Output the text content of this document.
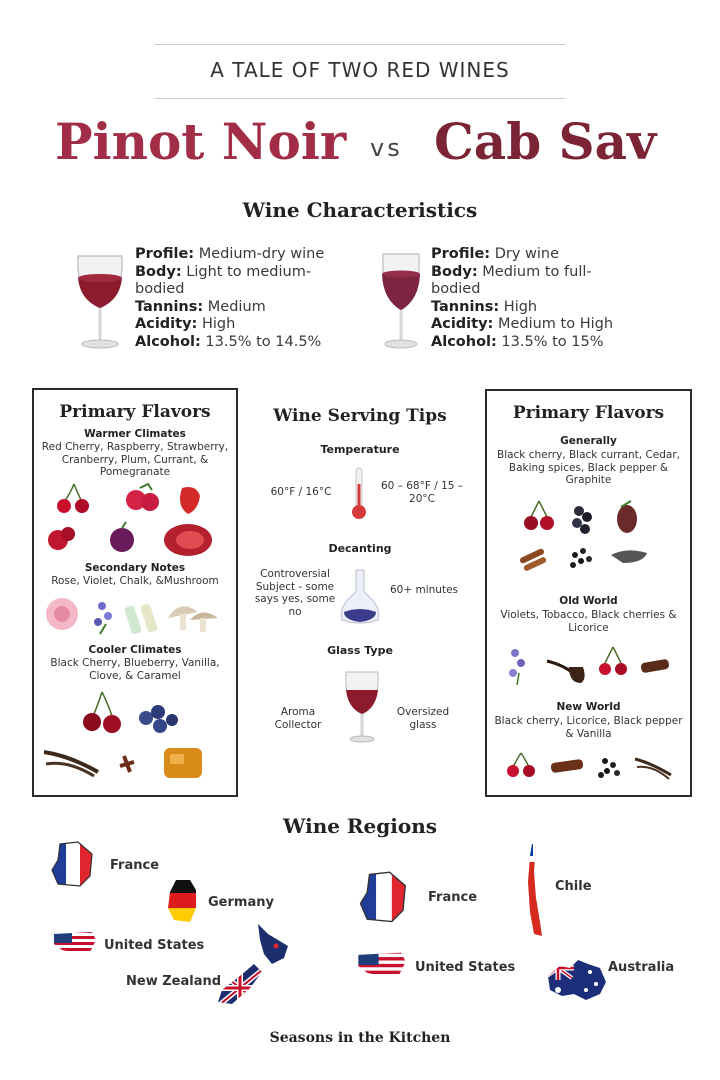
A TALE OF TWO RED WINES
Pinot Noir vs Cab Sav
Wine Characteristics
Profile: Medium-dry wine
Body: Light to medium-bodied
Tannins: Medium
Acidity: High
Alcohol: 13.5% to 14.5%
Profile: Dry wine
Body: Medium to full-bodied
Tannins: High
Acidity: Medium to High
Alcohol: 13.5% to 15%
Primary Flavors
Warmer Climates
Red Cherry, Raspberry, Strawberry, Cranberry, Plum, Currant, & Pomegranate
Secondary Notes
Rose, Violet, Chalk, &Mushroom
Cooler Climates
Black Cherry, Blueberry, Vanilla, Clove, & Caramel
Wine Serving Tips
Temperature
60°F / 16°C	60 – 68°F / 15 – 20°C
Decanting
Controversial Subject - some says yes, some no
60+ minutes
Glass Type
Aroma Collector
Oversized glass
Primary Flavors
Generally
Black cherry, Black currant, Cedar, Baking spices, Black pepper & Graphite
Old World
Violets, Tobacco, Black cherries & Licorice
New World
Black cherry, Licorice, Black pepper & Vanilla
Wine Regions
France
Germany
United States
New Zealand
France
Chile
United States	Australia
Seasons in the Kitchen
